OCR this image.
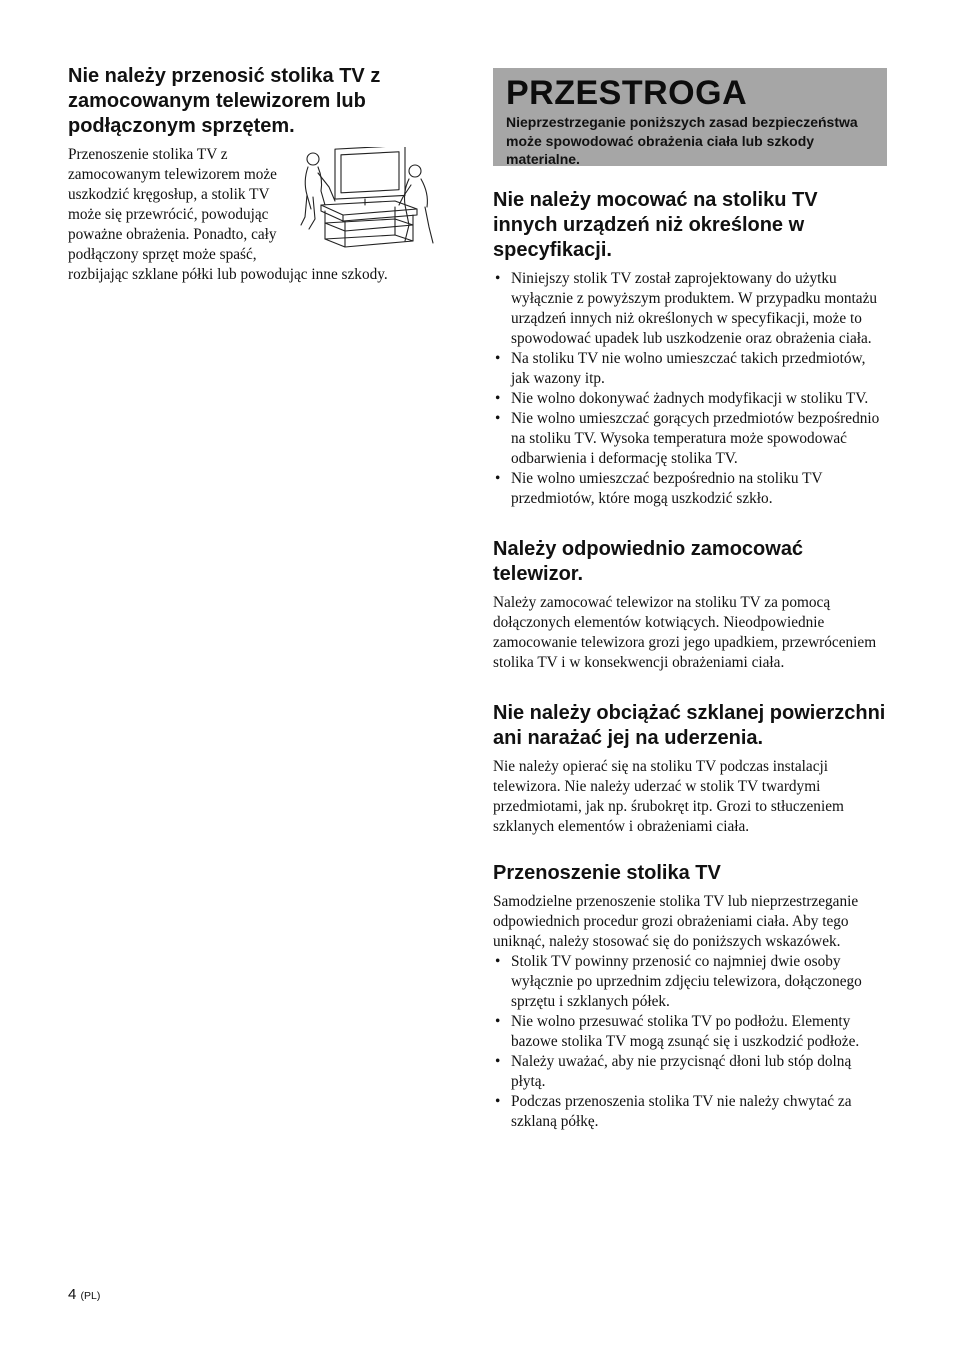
Nie należy przenosić stolika TV z zamocowanym telewizorem lub podłączonym sprzętem.

Przenoszenie stolika TV z zamocowanym telewizorem może uszkodzić kręgosłup, a stolik TV może się przewrócić, powodując poważne obrażenia. Ponadto, cały podłączony sprzęt może spaść, rozbijając szklane półki lub powodując inne szkody.

PRZESTROGA
Nieprzestrzeganie poniższych zasad bezpieczeństwa może spowodować obrażenia ciała lub szkody materialne.
Nie należy mocować na stoliku TV innych urządzeń niż określone w specyfikacji.
• Niniejszy stolik TV został zaprojektowany do użytku wyłącznie z powyższym produktem. W przypadku montażu urządzeń innych niż określonych w specyfikacji, może to spowodować upadek lub uszkodzenie oraz obrażenia ciała.
• Na stoliku TV nie wolno umieszczać takich przedmiotów, jak wazony itp.
• Nie wolno dokonywać żadnych modyfikacji w stoliku TV.
• Nie wolno umieszczać gorących przedmiotów bezpośrednio na stoliku TV. Wysoka temperatura może spowodować odbarwienia i deformację stolika TV.
• Nie wolno umieszczać bezpośrednio na stoliku TV przedmiotów, które mogą uszkodzić szkło.
Należy odpowiednio zamocować telewizor.

Należy zamocować telewizor na stoliku TV za pomocą dołączonych elementów kotwiących. Nieodpowiednie zamocowanie telewizora grozi jego upadkiem, przewróceniem stolika TV i w konsekwencji obrażeniami ciała.

Nie należy obciążać szklanej powierzchni ani narażać jej na uderzenia.

Nie należy opierać się na stoliku TV podczas instalacji telewizora. Nie należy uderzać w stolik TV twardymi przedmiotami, jak np. śrubokręt itp. Grozi to stłuczeniem szklanych elementów i obrażeniami ciała.

Przenoszenie stolika TV

Samodzielne przenoszenie stolika TV lub nieprzestrzeganie odpowiednich procedur grozi obrażeniami ciała. Aby tego uniknąć, należy stosować się do poniższych wskazówek.

• Stolik TV powinny przenosić co najmniej dwie osoby wyłącznie po uprzednim zdjęciu telewizora, dołączonego sprzętu i szklanych półek.
• Nie wolno przesuwać stolika TV po podłożu. Elementy bazowe stolika TV mogą zsunąć się i uszkodzić podłoże.
• Należy uważać, aby nie przycisnąć dłoni lub stóp dolną płytą.
• Podczas przenoszenia stolika TV nie należy chwytać za szklaną półkę.
4 (PL)
